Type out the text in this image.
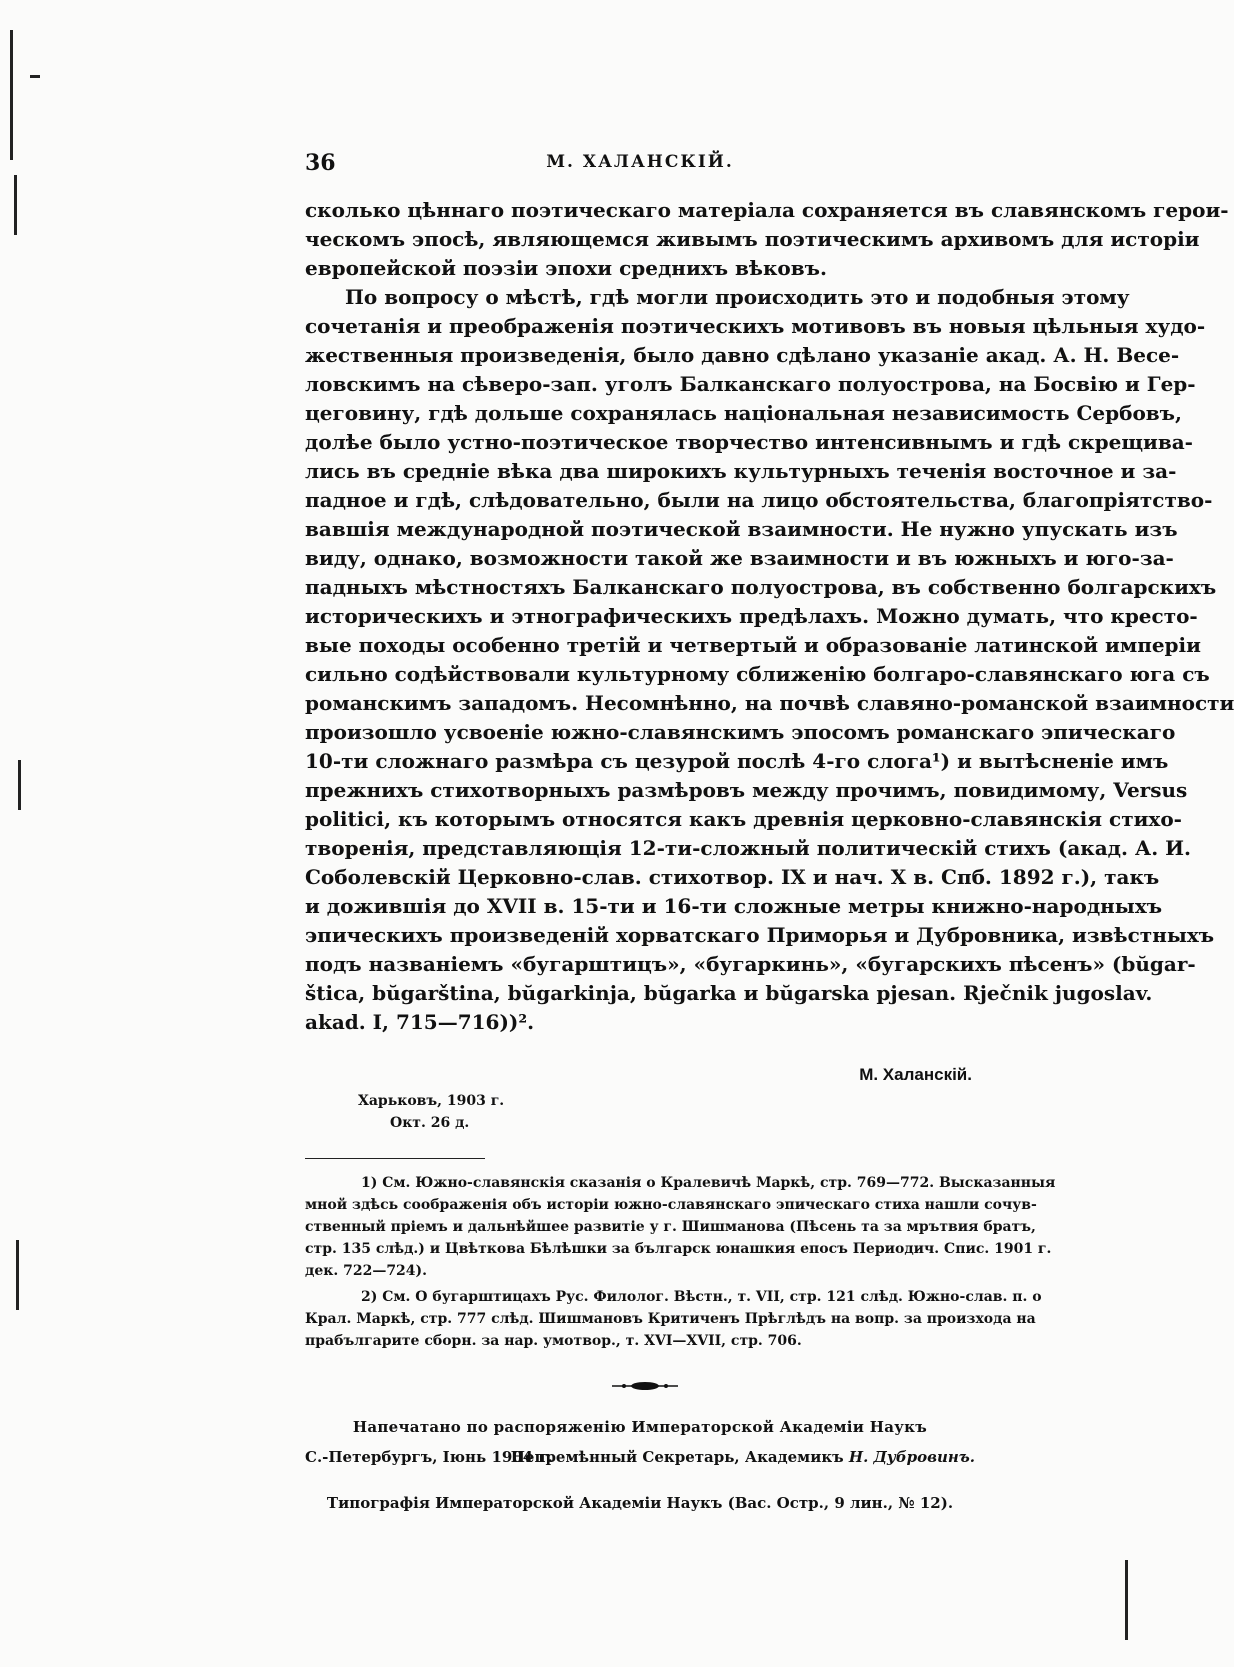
36	М. ХАЛАНСКІЙ.
сколько цѣннаго поэтическаго матеріала сохраняется въ славянскомъ герои-
ческомъ эпосѣ, являющемся живымъ поэтическимъ архивомъ для исторіи
европейской поэзіи эпохи среднихъ вѣковъ.
По вопросу о мѣстѣ, гдѣ могли происходить это и подобныя этому
сочетанія и преображенія поэтическихъ мотивовъ въ новыя цѣльныя худо-
жественныя произведенія, было давно сдѣлано указаніе акад. А. Н. Весе-
ловскимъ на сѣверо-зап. уголъ Балканскаго полуострова, на Босвію и Гер-
цеговину, гдѣ дольше сохранялась національная независимость Сербовъ,
долѣе было устно-поэтическое творчество интенсивнымъ и гдѣ скрещива-
лись въ средніе вѣка два широкихъ культурныхъ теченія восточное и за-
падное и гдѣ, слѣдовательно, были на лицо обстоятельства, благопріятство-
вавшія международной поэтической взаимности. Не нужно упускать изъ
виду, однако, возможности такой же взаимности и въ южныхъ и юго-за-
падныхъ мѣстностяхъ Балканскаго полуострова, въ собственно болгарскихъ
историческихъ и этнографическихъ предѣлахъ. Можно думать, что кресто-
вые походы особенно третій и четвертый и образованіе латинской имперіи
сильно содѣйствовали культурному сближенію болгаро-славянскаго юга съ
романскимъ западомъ. Несомнѣнно, на почвѣ славяно-романской взаимности
произошло усвоеніе южно-славянскимъ эпосомъ романскаго эпическаго
10-ти сложнаго размѣра съ цезурой послѣ 4-го слога¹) и вытѣсненіе имъ
прежнихъ стихотворныхъ размѣровъ между прочимъ, повидимому, Versus
politici, къ которымъ относятся какъ древнія церковно-славянскія стихо-
творенія, представляющія 12-ти-сложный политическій стихъ (акад. А. И.
Соболевскій Церковно-слав. стихотвор. IX и нач. X в. Спб. 1892 г.), такъ
и дожившія до XVII в. 15-ти и 16-ти сложные метры книжно-народныхъ
эпическихъ произведеній хорватскаго Приморья и Дубровника, извѣстныхъ
подъ названіемъ «бугарштицъ», «бугаркинь», «бугарскихъ пѣсенъ» (bŭgar-
štica, bŭgarština, bŭgarkinja, bŭgarka и bŭgarska pjesan. Rječnik jugoslav.
akad. I, 715—716))².
М. Халанскій.
Харьковъ, 1903 г.
Окт. 26 д.
1) См. Южно-славянскія сказанія о Кралевичѣ Маркѣ, стр. 769—772. Высказанныя
мной здѣсь соображенія объ исторіи южно-славянскаго эпическаго стиха нашли сочув-
ственный пріемъ и дальнѣйшее развитіе у г. Шишманова (Пѣсень та за мрътвия братъ,
стр. 135 слѣд.) и Цвѣткова Бѣлѣшки за българск юнашкия епосъ Периодич. Спис. 1901 г.
дек. 722—724).
2) См. О бугарштицахъ Рус. Филолог. Вѣстн., т. VII, стр. 121 слѣд. Южно-слав. п. о
Крал. Маркѣ, стр. 777 слѣд. Шишмановъ Критиченъ Прѣглѣдъ на вопр. за произхода на
прабългарите сборн. за нар. умотвор., т. XVI—XVII, стр. 706.
Напечатано по распоряженію Императорской Академіи Наукъ
С.-Петербургъ, Іюнь 1904 г.
Непремѣнный Секретарь, Академикъ Н. Дубровинъ.
Типографія Императорской Академіи Наукъ (Вас. Остр., 9 лин., № 12).
